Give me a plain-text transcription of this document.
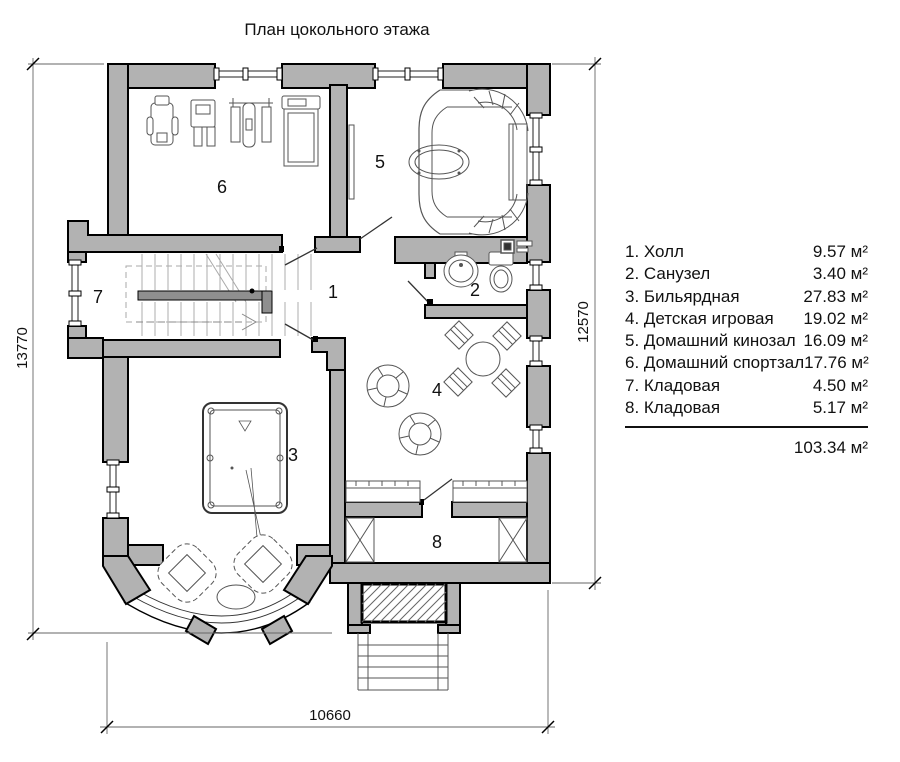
План цокольного этажа
13770
12570
10660
1	2
3
4
5
6
7
8
1. Холл	9.57 м²
2. Санузел	3.40 м²
3. Бильярдная	27.83 м²
4. Детская игровая 19.02 м²
5. Домашний кинозал 16.09 м²
6. Домашний спортзал 17.76 м²
7. Кладовая	4.50 м²
8. Кладовая	5.17 м²
103.34 м²
